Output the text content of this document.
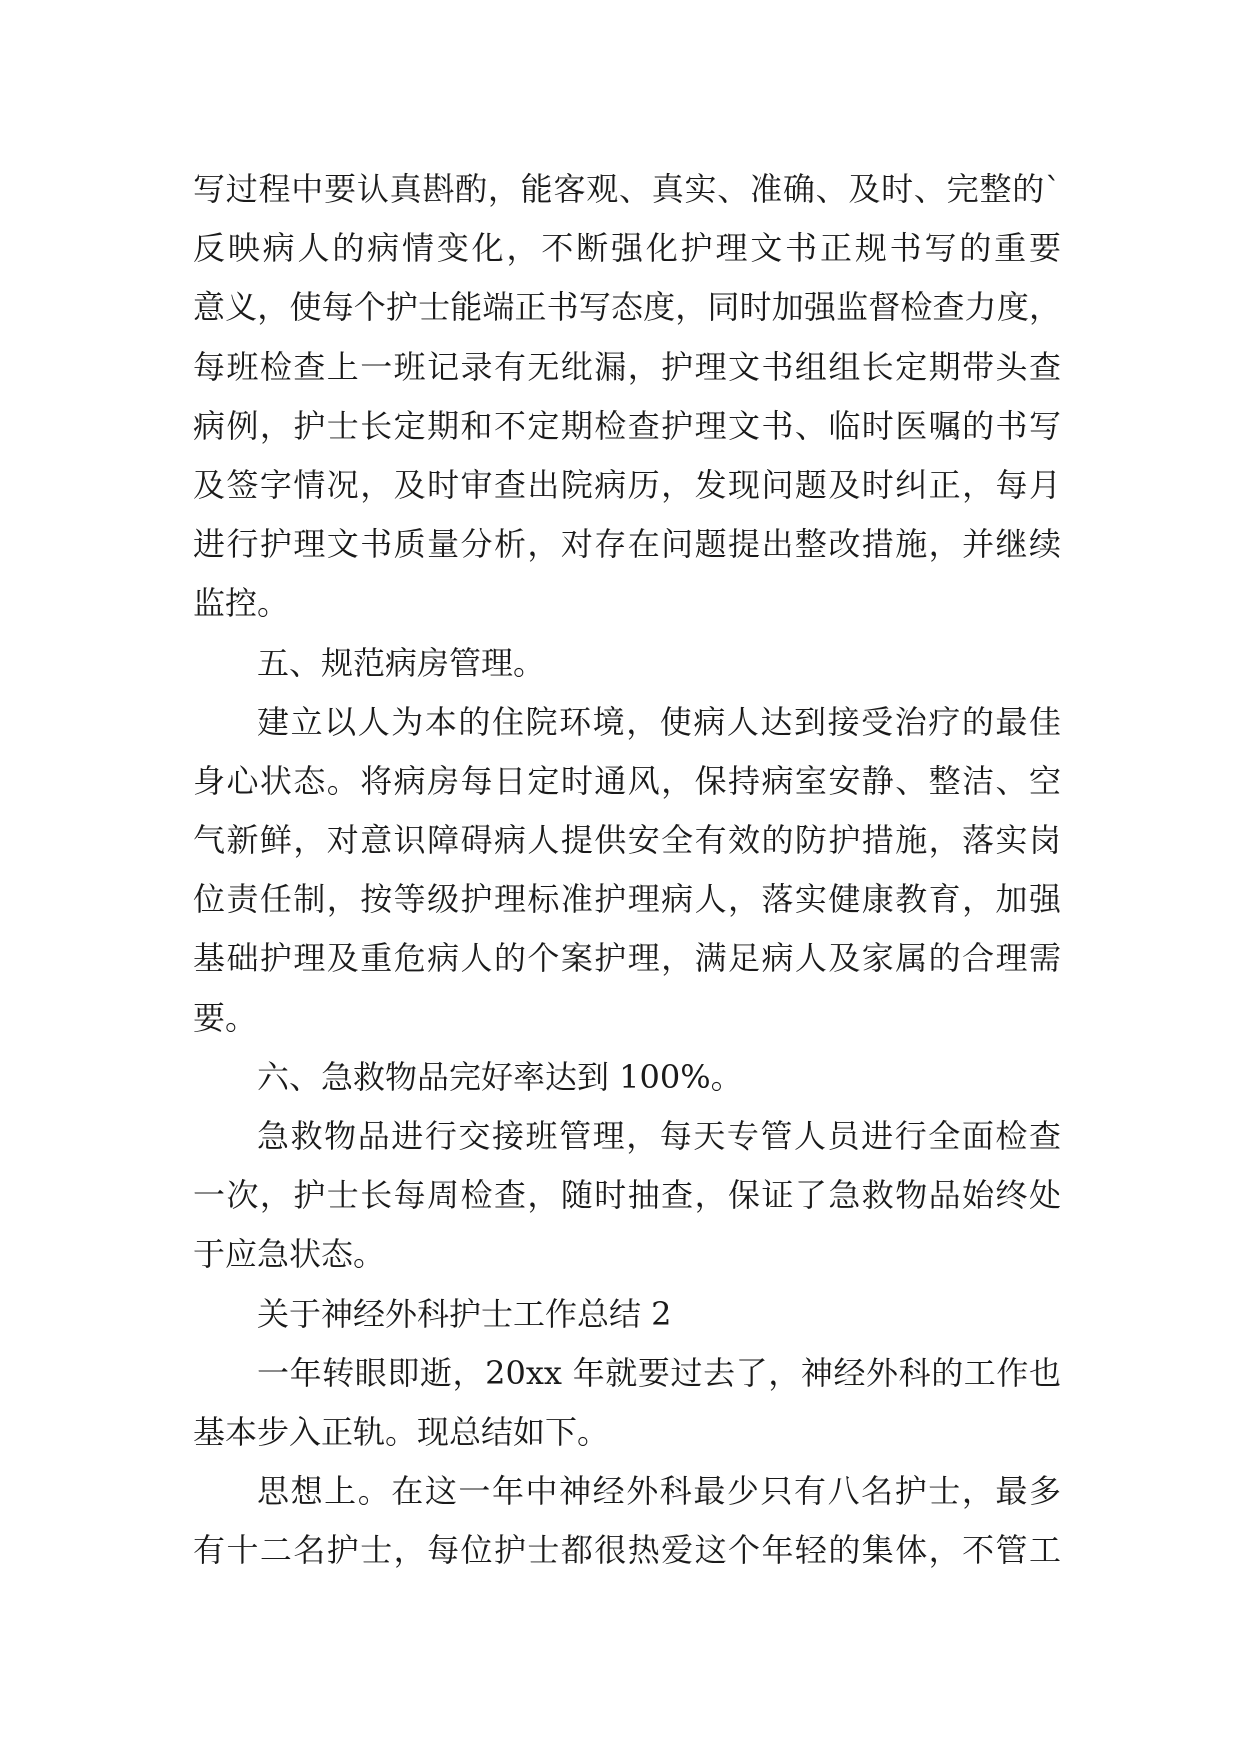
写过程中要认真斟酌，能客观、真实、准确、及时、完整的`
反映病人的病情变化，不断强化护理文书正规书写的重要
意义，使每个护士能端正书写态度，同时加强监督检查力度，
每班检查上一班记录有无纰漏，护理文书组组长定期带头查
病例，护士长定期和不定期检查护理文书、临时医嘱的书写
及签字情况，及时审查出院病历，发现问题及时纠正，每月
进行护理文书质量分析，对存在问题提出整改措施，并继续
监控。
五、规范病房管理。
建立以人为本的住院环境，使病人达到接受治疗的最佳
身心状态。将病房每日定时通风，保持病室安静、整洁、空
气新鲜，对意识障碍病人提供安全有效的防护措施，落实岗
位责任制，按等级护理标准护理病人，落实健康教育，加强
基础护理及重危病人的个案护理，满足病人及家属的合理需
要。
六、急救物品完好率达到 100%。
急救物品进行交接班管理，每天专管人员进行全面检查
一次，护士长每周检查，随时抽查，保证了急救物品始终处
于应急状态。
关于神经外科护士工作总结 2
一年转眼即逝，20xx 年就要过去了，神经外科的工作也
基本步入正轨。现总结如下。
思想上。在这一年中神经外科最少只有八名护士，最多
有十二名护士，每位护士都很热爱这个年轻的集体，不管工
